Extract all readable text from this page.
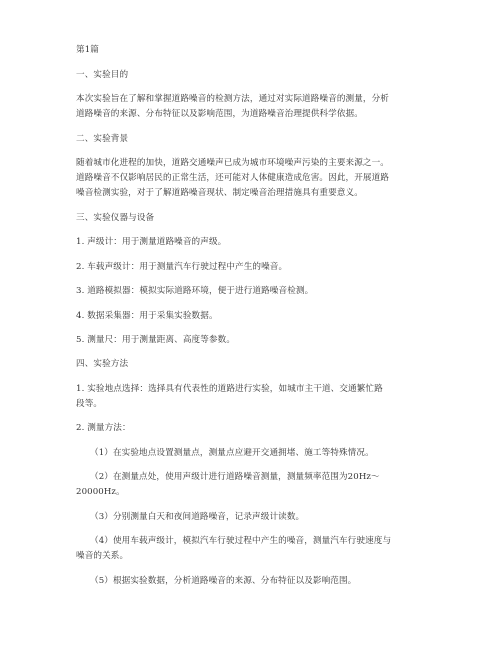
第1篇
一、实验目的
本次实验旨在了解和掌握道路噪音的检测方法，通过对实际道路噪音的测量，分析
道路噪音的来源、分布特征以及影响范围，为道路噪音治理提供科学依据。
二、实验背景
随着城市化进程的加快，道路交通噪声已成为城市环境噪声污染的主要来源之一。
道路噪音不仅影响居民的正常生活，还可能对人体健康造成危害。因此，开展道路
噪音检测实验，对于了解道路噪音现状、制定噪音治理措施具有重要意义。
三、实验仪器与设备
1. 声级计：用于测量道路噪音的声级。
2. 车载声级计：用于测量汽车行驶过程中产生的噪音。
3. 道路模拟器：模拟实际道路环境，便于进行道路噪音检测。
4. 数据采集器：用于采集实验数据。
5. 测量尺：用于测量距离、高度等参数。
四、实验方法
1. 实验地点选择：选择具有代表性的道路进行实验，如城市主干道、交通繁忙路
段等。
2. 测量方法：
（1）在实验地点设置测量点，测量点应避开交通拥堵、施工等特殊情况。
（2）在测量点处，使用声级计进行道路噪音测量，测量频率范围为20Hz～
20000Hz。
（3）分别测量白天和夜间道路噪音，记录声级计读数。
（4）使用车载声级计，模拟汽车行驶过程中产生的噪音，测量汽车行驶速度与
噪音的关系。
（5）根据实验数据，分析道路噪音的来源、分布特征以及影响范围。
